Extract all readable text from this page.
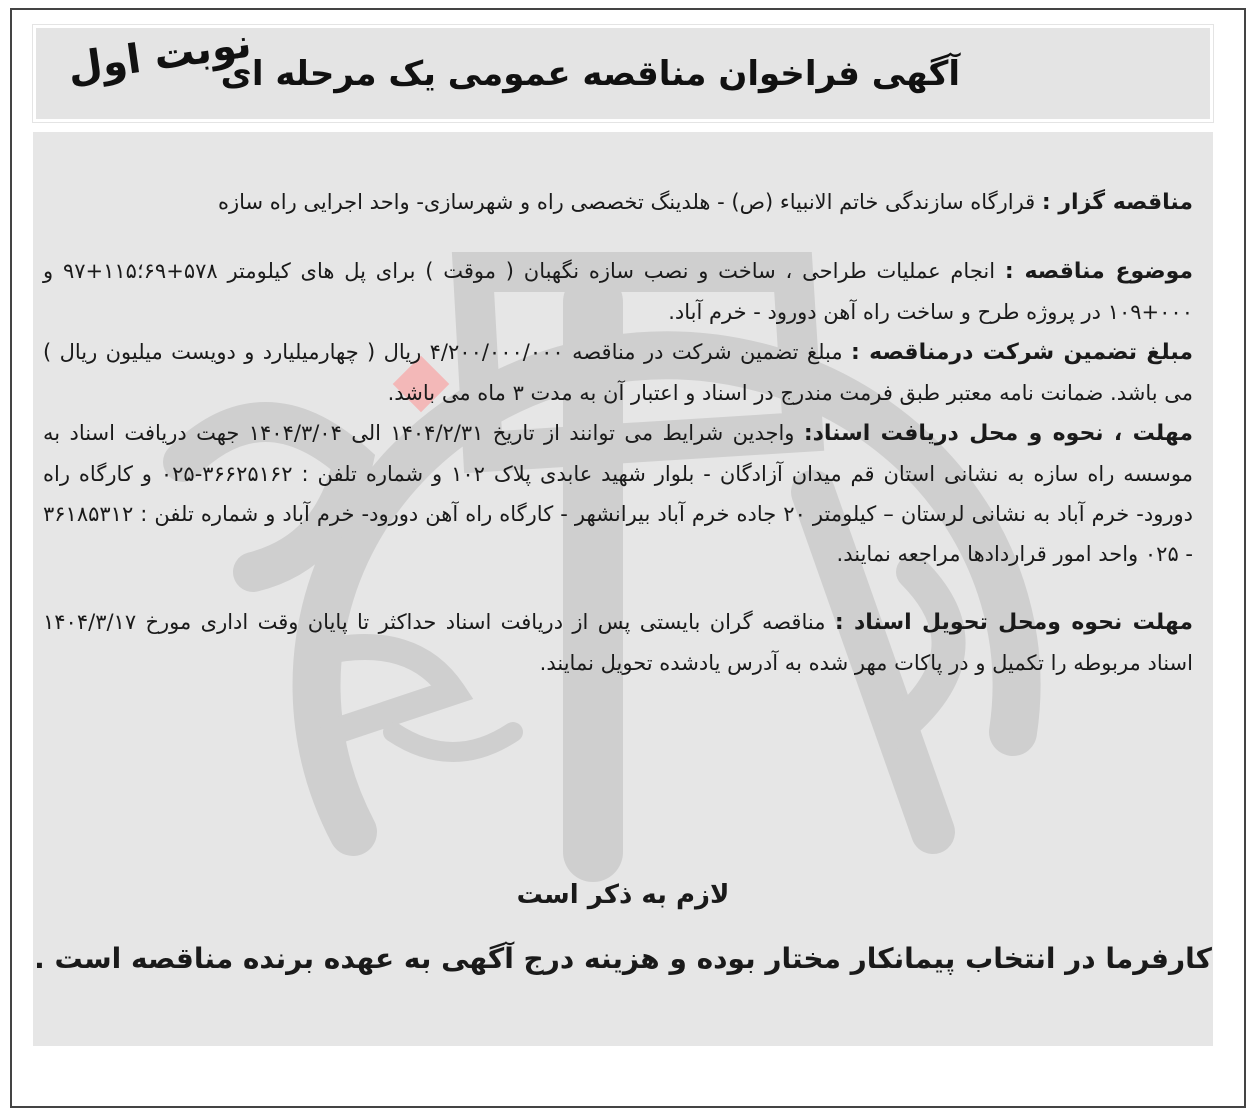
آگهی فراخوان مناقصه عمومی یک مرحله ای
نوبت اول

مناقصه گزار : قرارگاه سازندگی خاتم الانبیاء (ص) - هلدینگ تخصصی راه و شهرسازی- واحد اجرایی راه سازه

موضوع مناقصه : انجام عملیات طراحی ، ساخت و نصب سازه نگهبان ( موقت ) برای پل های کیلومتر ۵۷۸+۶۹؛۱۱۵+۹۷ و ۰۰۰+۱۰۹ در پروژه طرح و ساخت راه آهن دورود - خرم آباد.

مبلغ تضمین شرکت درمناقصه : مبلغ تضمین شرکت در مناقصه ۴/۲۰۰/۰۰۰/۰۰۰ ریال ( چهارمیلیارد و دویست میلیون ریال ) می باشد. ضمانت نامه معتبر طبق فرمت مندرج در اسناد و اعتبار آن به مدت ۳ ماه می باشد.

مهلت ، نحوه و محل دریافت اسناد: واجدین شرایط می توانند از تاریخ ۱۴۰۴/۲/۳۱ الی ۱۴۰۴/۳/۰۴ جهت دریافت اسناد به موسسه راه سازه به نشانی استان قم میدان آزادگان - بلوار شهید عابدی پلاک ۱۰۲ و شماره تلفن : ۳۶۶۲۵۱۶۲-۰۲۵ و کارگاه راه دورود- خرم آباد به نشانی لرستان – کیلومتر ۲۰ جاده خرم آباد بیرانشهر - کارگاه راه آهن دورود- خرم آباد و شماره تلفن : ۳۶۱۸۵۳۱۲ - ۰۲۵ واحد امور قراردادها مراجعه نمایند.

مهلت نحوه ومحل تحویل اسناد : مناقصه گران بایستی پس از دریافت اسناد حداکثر تا پایان وقت اداری مورخ ۱۴۰۴/۳/۱۷ اسناد مربوطه را تکمیل و در پاکات مهر شده به آدرس یادشده تحویل نمایند.

لازم به ذکر است

کارفرما در انتخاب پیمانکار مختار بوده و هزینه درج آگهی به عهده برنده مناقصه است .
